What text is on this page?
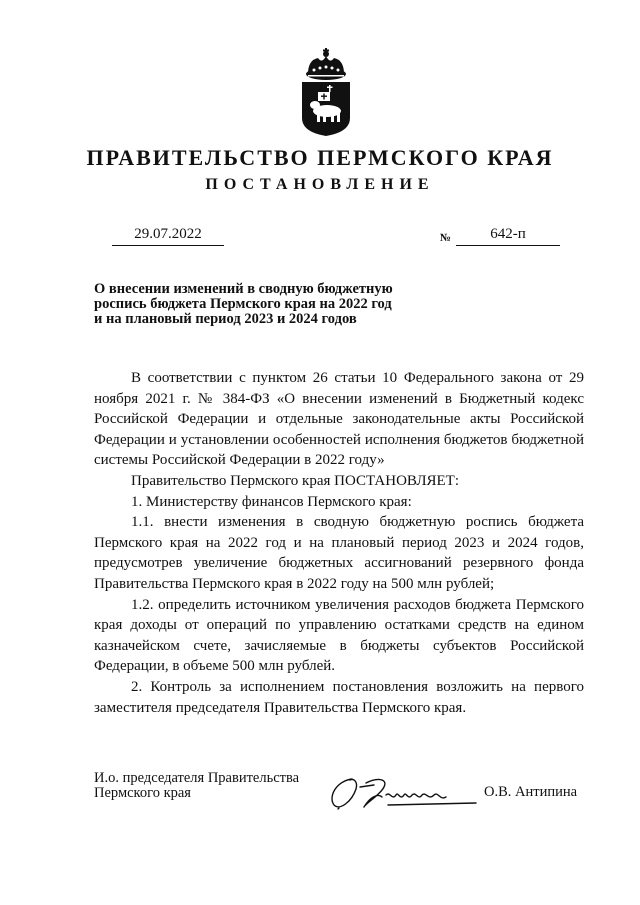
ПРАВИТЕЛЬСТВО ПЕРМСКОГО КРАЯ
ПОСТАНОВЛЕНИЕ
29.07.2022	№	642-п
О внесении изменений в сводную бюджетную
роспись бюджета Пермского края на 2022 год
и на плановый период 2023 и 2024 годов

В соответствии с пунктом 26 статьи 10 Федерального закона от 29 ноября 2021 г. № 384-ФЗ «О внесении изменений в Бюджетный кодекс Российской Федерации и отдельные законодательные акты Российской Федерации и установлении особенностей исполнения бюджетов бюджетной системы Российской Федерации в 2022 году»

Правительство Пермского края ПОСТАНОВЛЯЕТ:

1. Министерству финансов Пермского края:

1.1. внести изменения в сводную бюджетную роспись бюджета Пермского края на 2022 год и на плановый период 2023 и 2024 годов, предусмотрев увеличение бюджетных ассигнований резервного фонда Правительства Пермского края в 2022 году на 500 млн рублей;

1.2. определить источником увеличения расходов бюджета Пермского края доходы от операций по управлению остатками средств на едином казначейском счете, зачисляемые в бюджеты субъектов Российской Федерации, в объеме 500 млн рублей.

2. Контроль за исполнением постановления возложить на первого заместителя председателя Правительства Пермского края.

И.о. председателя Правительства
Пермского края	О.В. Антипина
